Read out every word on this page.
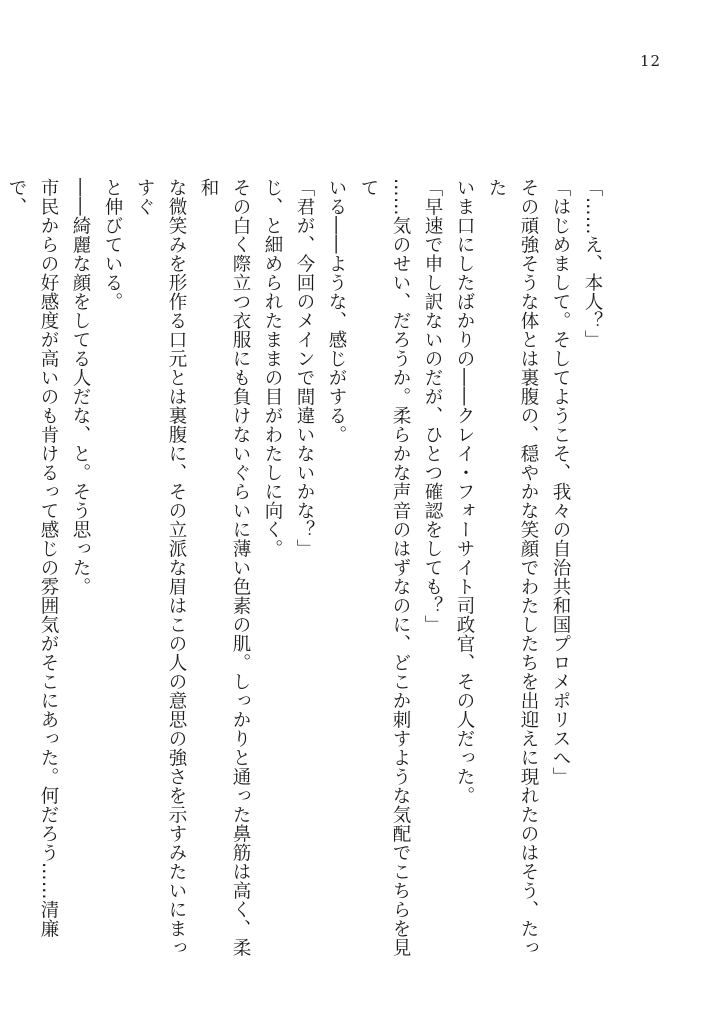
12

「……え、本人？」

「はじめまして。そしてようこそ、我々の自治共和国プロメポリスへ」

その頑強そうな体とは裏腹の、穏やかな笑顔でわたしたちを出迎えに現れたのはそう、たった

いま口にしたばかりの――クレイ・フォーサイト司政官、その人だった。

「早速で申し訳ないのだが、ひとつ確認をしても？」

……気のせい、だろうか。柔らかな声音のはずなのに、どこか刺すような気配でこちらを見て

いる――ような、感じがする。

「君が、今回のメインで間違いないかな？」

じ、と細められたままの目がわたしに向く。

その白く際立つ衣服にも負けないぐらいに薄い色素の肌。しっかりと通った鼻筋は高く、柔和

な微笑みを形作る口元とは裏腹に、その立派な眉はこの人の意思の強さを示すみたいにまっすぐ

と伸びている。

――綺麗な顔をしてる人だな、と。そう思った。

市民からの好感度が高いのも肯けるって感じの雰囲気がそこにあった。何だろう……清廉で、
